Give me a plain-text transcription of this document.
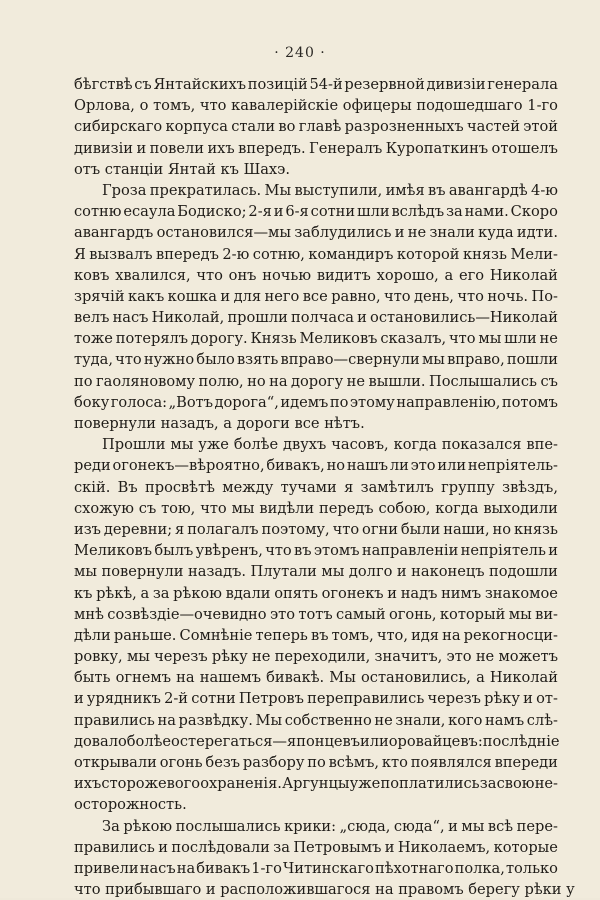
· 240 ·
бѣгствѣ съ Янтайскихъ позицій 54-й резервной дивизіи генерала
Орлова, о томъ, что кавалерійскіе офицеры подошедшаго 1-го
сибирскаго корпуса стали во главѣ разрозненныхъ частей этой
дивизіи и повели ихъ впередъ. Генералъ Куропаткинъ отошелъ
отъ станціи Янтай къ Шахэ.
Гроза прекратилась. Мы выступили, имѣя въ авангардѣ 4-ю
сотню есаула Бодиско; 2-я и 6-я сотни шли вслѣдъ за нами. Скоро
авангардъ остановился—мы заблудились и не знали куда идти.
Я вызвалъ впередъ 2-ю сотню, командиръ которой князь Мели-
ковъ хвалился, что онъ ночью видитъ хорошо, а его Николай
зрячій какъ кошка и для него все равно, что день, что ночь. По-
велъ насъ Николай, прошли полчаса и остановились—Николай
тоже потерялъ дорогу. Князь Меликовъ сказалъ, что мы шли не
туда, что нужно было взять вправо—свернули мы вправо, пошли
по гаоляновому полю, но на дорогу не вышли. Послышались съ
боку голоса: „Вотъ дорога“, идемъ по этому направленію, потомъ
повернули назадъ, а дороги все нѣтъ.
Прошли мы уже болѣе двухъ часовъ, когда показался впе-
реди огонекъ—вѣроятно, бивакъ, но нашъ ли это или непріятель-
скій. Въ просвѣтѣ между тучами я замѣтилъ группу звѣздъ,
схожую съ тою, что мы видѣли передъ собою, когда выходили
изъ деревни; я полагалъ поэтому, что огни были наши, но князь
Меликовъ былъ увѣренъ, что въ этомъ направленіи непріятель и
мы повернули назадъ. Плутали мы долго и наконецъ подошли
къ рѣкѣ, а за рѣкою вдали опять огонекъ и надъ нимъ знакомое
мнѣ созвѣздіе—очевидно это тотъ самый огонь, который мы ви-
дѣли раньше. Сомнѣніе теперь въ томъ, что, идя на рекогносци-
ровку, мы черезъ рѣку не переходили, значитъ, это не можетъ
быть огнемъ на нашемъ бивакѣ. Мы остановились, а Николай
и урядникъ 2-й сотни Петровъ переправились черезъ рѣку и от-
правились на развѣдку. Мы собственно не знали, кого намъ слѣ-
довало болѣе остерегаться—японцевъ или оровайцевъ: послѣдніе
открывали огонь безъ разбору по всѣмъ, кто появлялся впереди
ихъ сторожевого охраненія. Аргунцы уже поплатились за свою не-
осторожность.
За рѣкою послышались крики: „сюда, сюда“, и мы всѣ пере-
правились и послѣдовали за Петровымъ и Николаемъ, которые
привели насъ на бивакъ 1-го Читинскаго пѣхотнаго полка, только
что прибывшаго и расположившагося на правомъ берегу рѣки у
